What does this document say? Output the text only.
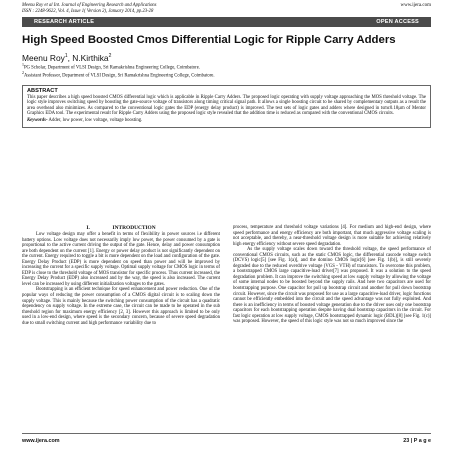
Meenu Roy et al Int. Journal of Engineering Research and Applications
ISSN : 2248-9622, Vol. 4, Issue 1( Version 2), January 2014, pp.23-28
www.ijera.com
RESEARCH ARTICLE	OPEN ACCESS
High Speed Boosted Cmos Differential Logic for Ripple Carry Adders
Meenu Roy$^1$, N.Kirthika$^2$
$^1$PG Scholar, Department of VLSI Design, Sri Ramakrishna Engineering College, Coimbatore.
$^2$Assistant Professor, Department of VLSI Design, Sri Ramakrishna Engineering College, Coimbatore.
ABSTRACT
This paper describes a high speed boosted CMOS differential logic which is applicable in Ripple Carry Adders. The proposed logic operating with supply voltage approaching the MOS threshold voltage. The logic style improves switching speed by boosting the gate-source voltage of transistors along timing critical signal path. It allows a single boosting circuit to be shared by complementary outputs as a result the area overhead also minimizes. As compared to the conventional logic gates the EDP (energy delay product) is improved. The test sets of logic gates and adders where designed in tsmc0.18µm of Mentor Graphics EDA tool. The experimental result for Ripple Carry Adders using the proposed logic style revealed that the addition time is reduced as compared with the conventional CMOS circuits.
Keywords- Adder, low power, low voltage, voltage boosting.
I.	INTRODUCTION

Low voltage design may offer a benefit in terms of flexibility in power sources i.e different battery options. Low voltage does not necessarily imply low power, the power consumed by a gate is proportional to the active current driving the output of the gate. Hence, delay and power consumption are both dependent on the current [1]. Energy or power delay product is not significantly dependent on the current. Energy required to toggle a bit is more dependent on the load and configuration of the gate. Energy Delay Product (EDP) is more dependent on speed than power and will be improved by increasing the current for a specific supply voltage. Optimal supply voltage for CMOS logic in terms of EDP is close to the threshold voltage of MOS transistor for specific process. Thus current increased, the Energy Delay Product (EDP) also increased and by the way, the speed is also increased. The current level can be increased by using different initialization voltages to the gates.

Bootstrapping is an efficient technique for speed enhancement and power reduction. One of the popular ways of reducing the power consumption of a CMOS digital circuit is to scaling down the supply voltage. This is mainly because the switching power consumption of the circuit has a quadratic dependency on supply voltage. In the extreme case, the circuit can be made to be operated in the sub threshold region for maximum energy efficiency [2, 3]. However this approach is limited to be only used in a low-end design, where speed is the secondary concern, because of severe speed degradation due to small switching current and high performance variability due to

process, temperature and threshold voltage variations [4]. For medium and high-end design, where speed performance and energy efficiency are both important, that much aggressive voltage scaling is not acceptable, and thereby, a near-threshold voltage design is more suitable for achieving relatively high energy efficiency without severe speed degradation.

As the supply voltage scales down toward the threshold voltage, the speed performance of conventional CMOS circuits, such as the static CMOS logic, the differential cascode voltage switch (DCVS) logic[5] [see Fig. 1(a)], and the domino CMOS logic[6] [see Fig. 1(b)], is still severely degraded due to the reduced overdrive voltage (VGS - VTH) of transistors. To overcome this problem, a bootstrapped CMOS large capacitive-load driver[7] was proposed. It was a solution to the speed degradation problem. It can improve the switching speed at low supply voltage by allowing the voltage of some internal nodes to be boosted beyond the supply rails. And here two capacitors are used for bootstrapping purpose. One capacitor for pull up bootstrap circuit and another for pull down bootstrap circuit. However, since the circuit was proposed for use as a large capacitive-load driver, logic functions cannot be efficiently embedded into the circuit and the speed advantage was not fully exploited. And there is an inefficiency in terms of boosted voltage generation due to the driver uses only one bootstrap capacitors for each bootstrapping operation despite having dual bootstrap capacitors in the circuit. For fast logic operation at low supply voltage, CMOS bootstrapped dynamic logic (BDL)[8] [see Fig. 1(c)] was proposed. However, the speed of this logic style was not so much improved since the

www.ijera.com	23 | P a g e
